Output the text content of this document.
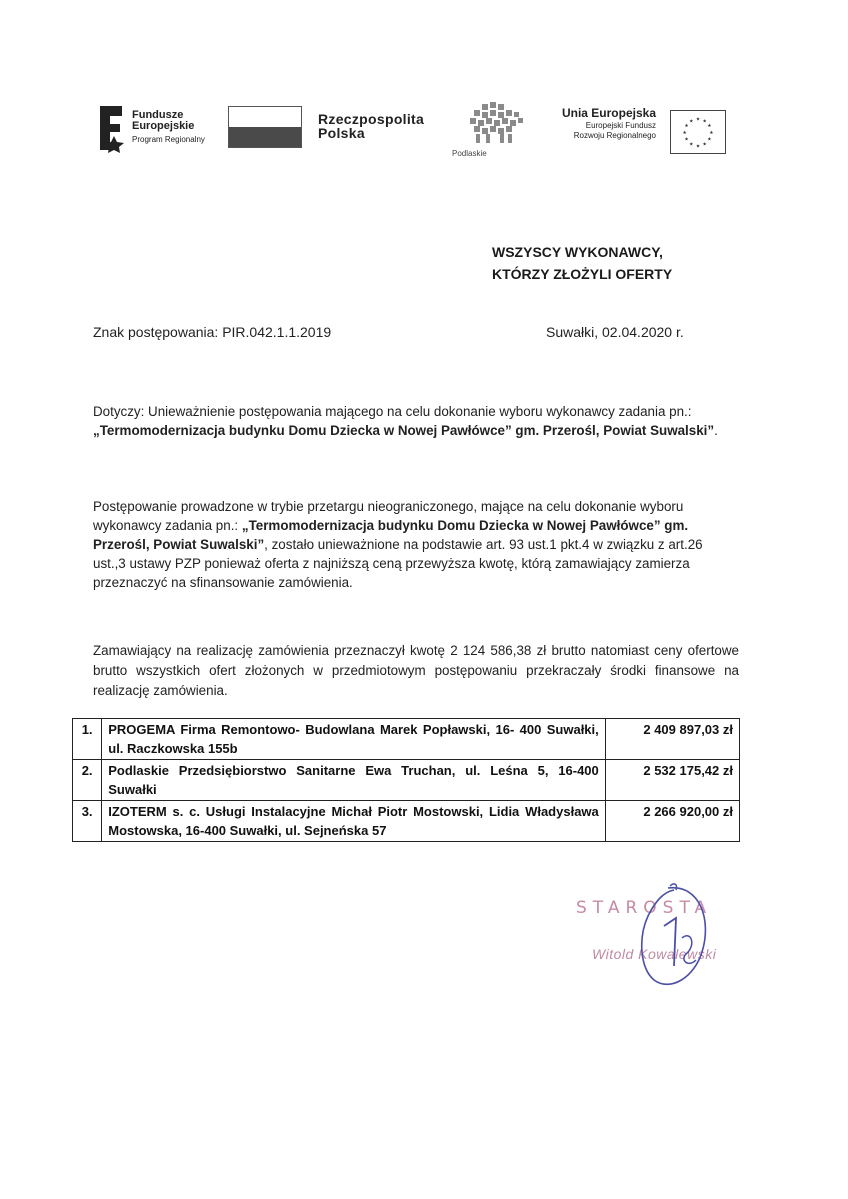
Fundusze
Europejskie
Program Regionalny
Rzeczpospolita
Polska
Podlaskie
Unia Europejska
Europejski Fundusz
Rozwoju Regionalnego
★ ★
★
★
★
★
★
★
★
★
★
★
WSZYSCY WYKONAWCY,
KTÓRZY ZŁOŻYLI OFERTY
Znak postępowania: PIR.042.1.1.2019	Suwałki, 02.04.2020 r.
Dotyczy: Unieważnienie postępowania mającego na celu dokonanie wyboru wykonawcy zadania pn.: „Termomodernizacja budynku Domu Dziecka w Nowej Pawłówce” gm. Przerośl, Powiat Suwalski”.
Postępowanie prowadzone w trybie przetargu nieograniczonego, mające na celu dokonanie wyboru wykonawcy zadania pn.: „Termomodernizacja budynku Domu Dziecka w Nowej Pawłówce” gm. Przerośl, Powiat Suwalski”, zostało unieważnione na podstawie art. 93 ust.1 pkt.4 w związku z art.26 ust.,3 ustawy PZP ponieważ oferta z najniższą ceną przewyższa kwotę, którą zamawiający zamierza przeznaczyć na sfinansowanie zamówienia.
Zamawiający na realizację zamówienia przeznaczył kwotę 2 124 586,38 zł brutto natomiast ceny ofertowe brutto wszystkich ofert złożonych w przedmiotowym postępowaniu przekraczały środki finansowe na realizację zamówienia.
1.	PROGEMA Firma Remontowo- Budowlana Marek Popławski, 16- 400 Suwałki, ul. Raczkowska 155b	2 409 897,03 zł
2.	Podlaskie Przedsiębiorstwo Sanitarne Ewa Truchan, ul. Leśna 5, 16-400 Suwałki	2 532 175,42 zł
3.	IZOTERM s. c. Usługi Instalacyjne Michał Piotr Mostowski, Lidia Władysława Mostowska, 16-400 Suwałki, ul. Sejneńska 57	2 266 920,00 zł
STAROSTA
Witold Kowalewski
